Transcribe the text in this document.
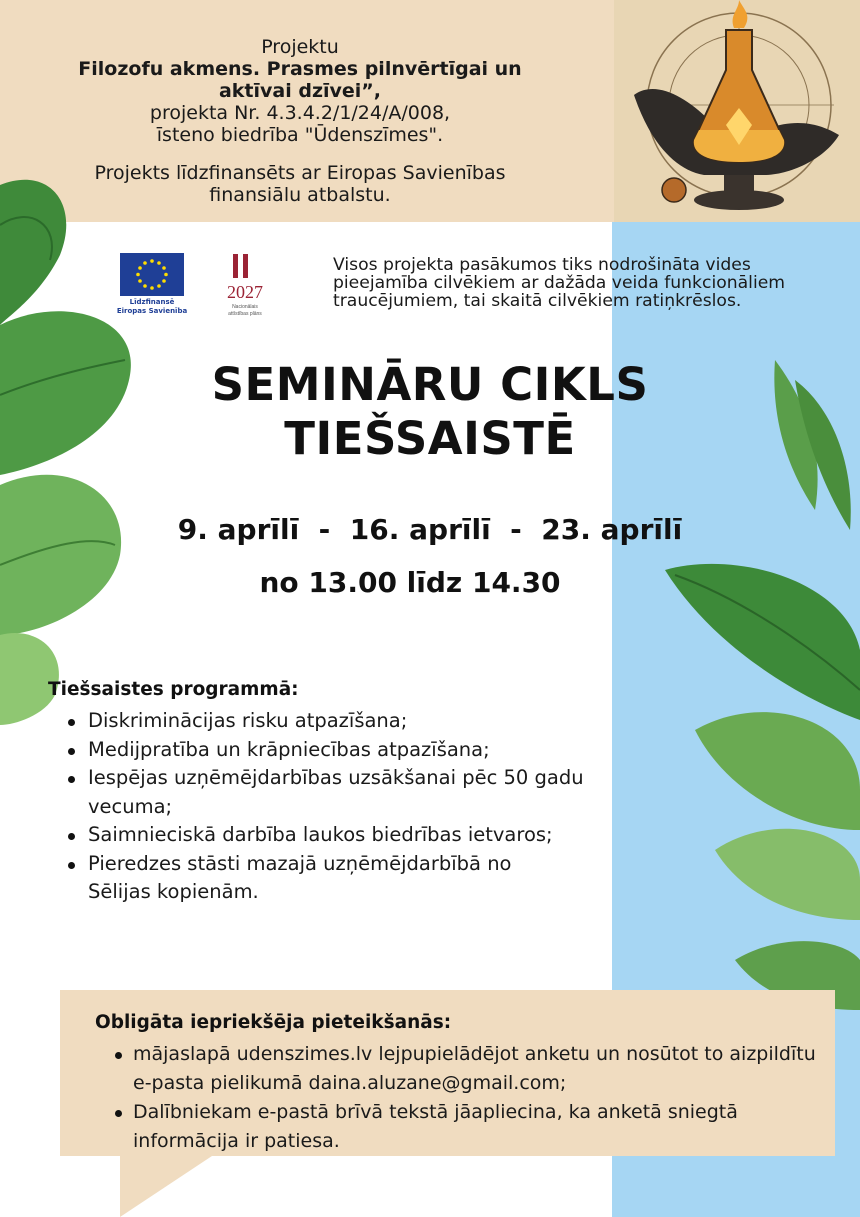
Projektu
Filozofu akmens. Prasmes pilnvērtīgai un
aktīvai dzīvei”,
projekta Nr. 4.3.4.2/1/24/A/008,
īsteno biedrība "Ūdenszīmes".
Projekts līdzfinansēts ar Eiropas Savienības
finansiālu atbalstu.
Līdzfinansē
Eiropas Savienība
2027
Nacionālais
attīstības plāns
Visos projekta pasākumos tiks nodrošināta vides
pieejamība cilvēkiem ar dažāda veida funkcionāliem
traucējumiem, tai skaitā cilvēkiem ratiņkrēslos.
SEMINĀRU CIKLS
TIEŠSAISTĒ
9. aprīlī  -  16. aprīlī  -  23. aprīlī
no 13.00 līdz 14.30
Tiešsaistes programmā:
Diskriminācijas risku atpazīšana;
Medijpratība un krāpniecības atpazīšana;
Iespējas uzņēmējdarbības uzsākšanai pēc 50 gadu vecuma;
Saimnieciskā darbība laukos biedrības ietvaros;
Pieredzes stāsti mazajā uzņēmējdarbībā no Sēlijas kopienām.
Obligāta iepriekšēja pieteikšanās:
mājaslapā udenszimes.lv lejpupielādējot anketu un nosūtot to aizpildītu e-pasta pielikumā daina.aluzane@gmail.com;
Dalībniekam e-pastā brīvā tekstā jāapliecina, ka anketā sniegtā informācija ir patiesa.
